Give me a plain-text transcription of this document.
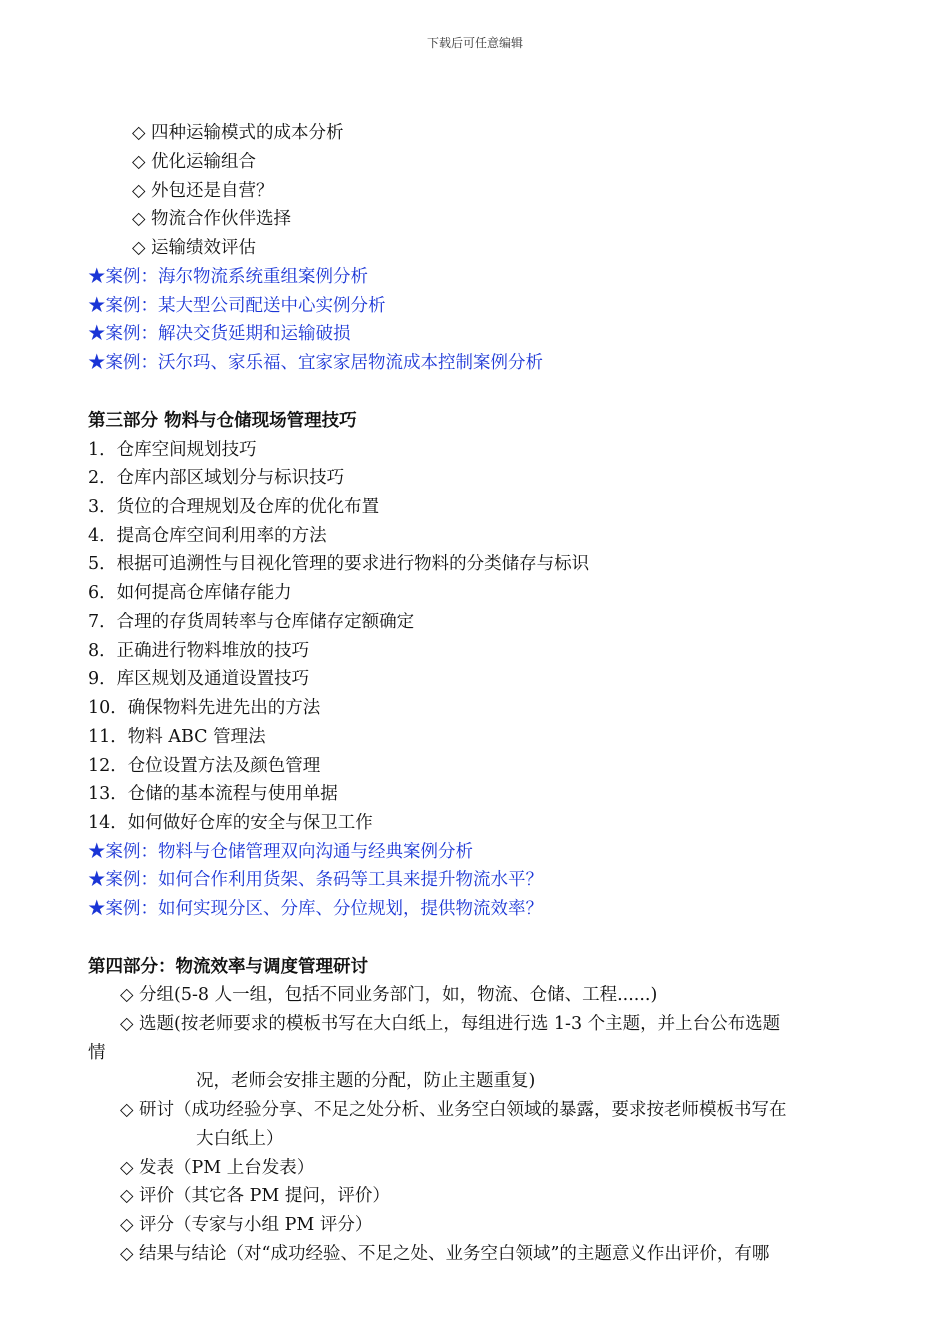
下载后可任意编辑
◇ 四种运输模式的成本分析
◇ 优化运输组合
◇ 外包还是自营？
◇ 物流合作伙伴选择
◇ 运输绩效评估
★案例：海尔物流系统重组案例分析
★案例：某大型公司配送中心实例分析
★案例：解决交货延期和运输破损
★案例：沃尔玛、家乐福、宜家家居物流成本控制案例分析
第三部分 物料与仓储现场管理技巧
1．仓库空间规划技巧
2．仓库内部区域划分与标识技巧
3．货位的合理规划及仓库的优化布置
4．提高仓库空间利用率的方法
5．根据可追溯性与目视化管理的要求进行物料的分类储存与标识
6．如何提高仓库储存能力
7．合理的存货周转率与仓库储存定额确定
8．正确进行物料堆放的技巧
9．库区规划及通道设置技巧
10．确保物料先进先出的方法
11．物料 ABC 管理法
12．仓位设置方法及颜色管理
13．仓储的基本流程与使用单据
14．如何做好仓库的安全与保卫工作
★案例：物料与仓储管理双向沟通与经典案例分析
★案例：如何合作利用货架、条码等工具来提升物流水平？
★案例：如何实现分区、分库、分位规划，提供物流效率？
第四部分：物流效率与调度管理研讨
◇ 分组(5-8 人一组，包括不同业务部门，如，物流、仓储、工程......)
◇ 选题(按老师要求的模板书写在大白纸上，每组进行选 1-3 个主题，并上台公布选题
情
况，老师会安排主题的分配，防止主题重复)
◇ 研讨（成功经验分享、不足之处分析、业务空白领域的暴露，要求按老师模板书写在
大白纸上）
◇ 发表（PM 上台发表）
◇ 评价（其它各 PM 提问，评价）
◇ 评分（专家与小组 PM 评分）
◇ 结果与结论（对“成功经验、不足之处、业务空白领域”的主题意义作出评价，有哪
